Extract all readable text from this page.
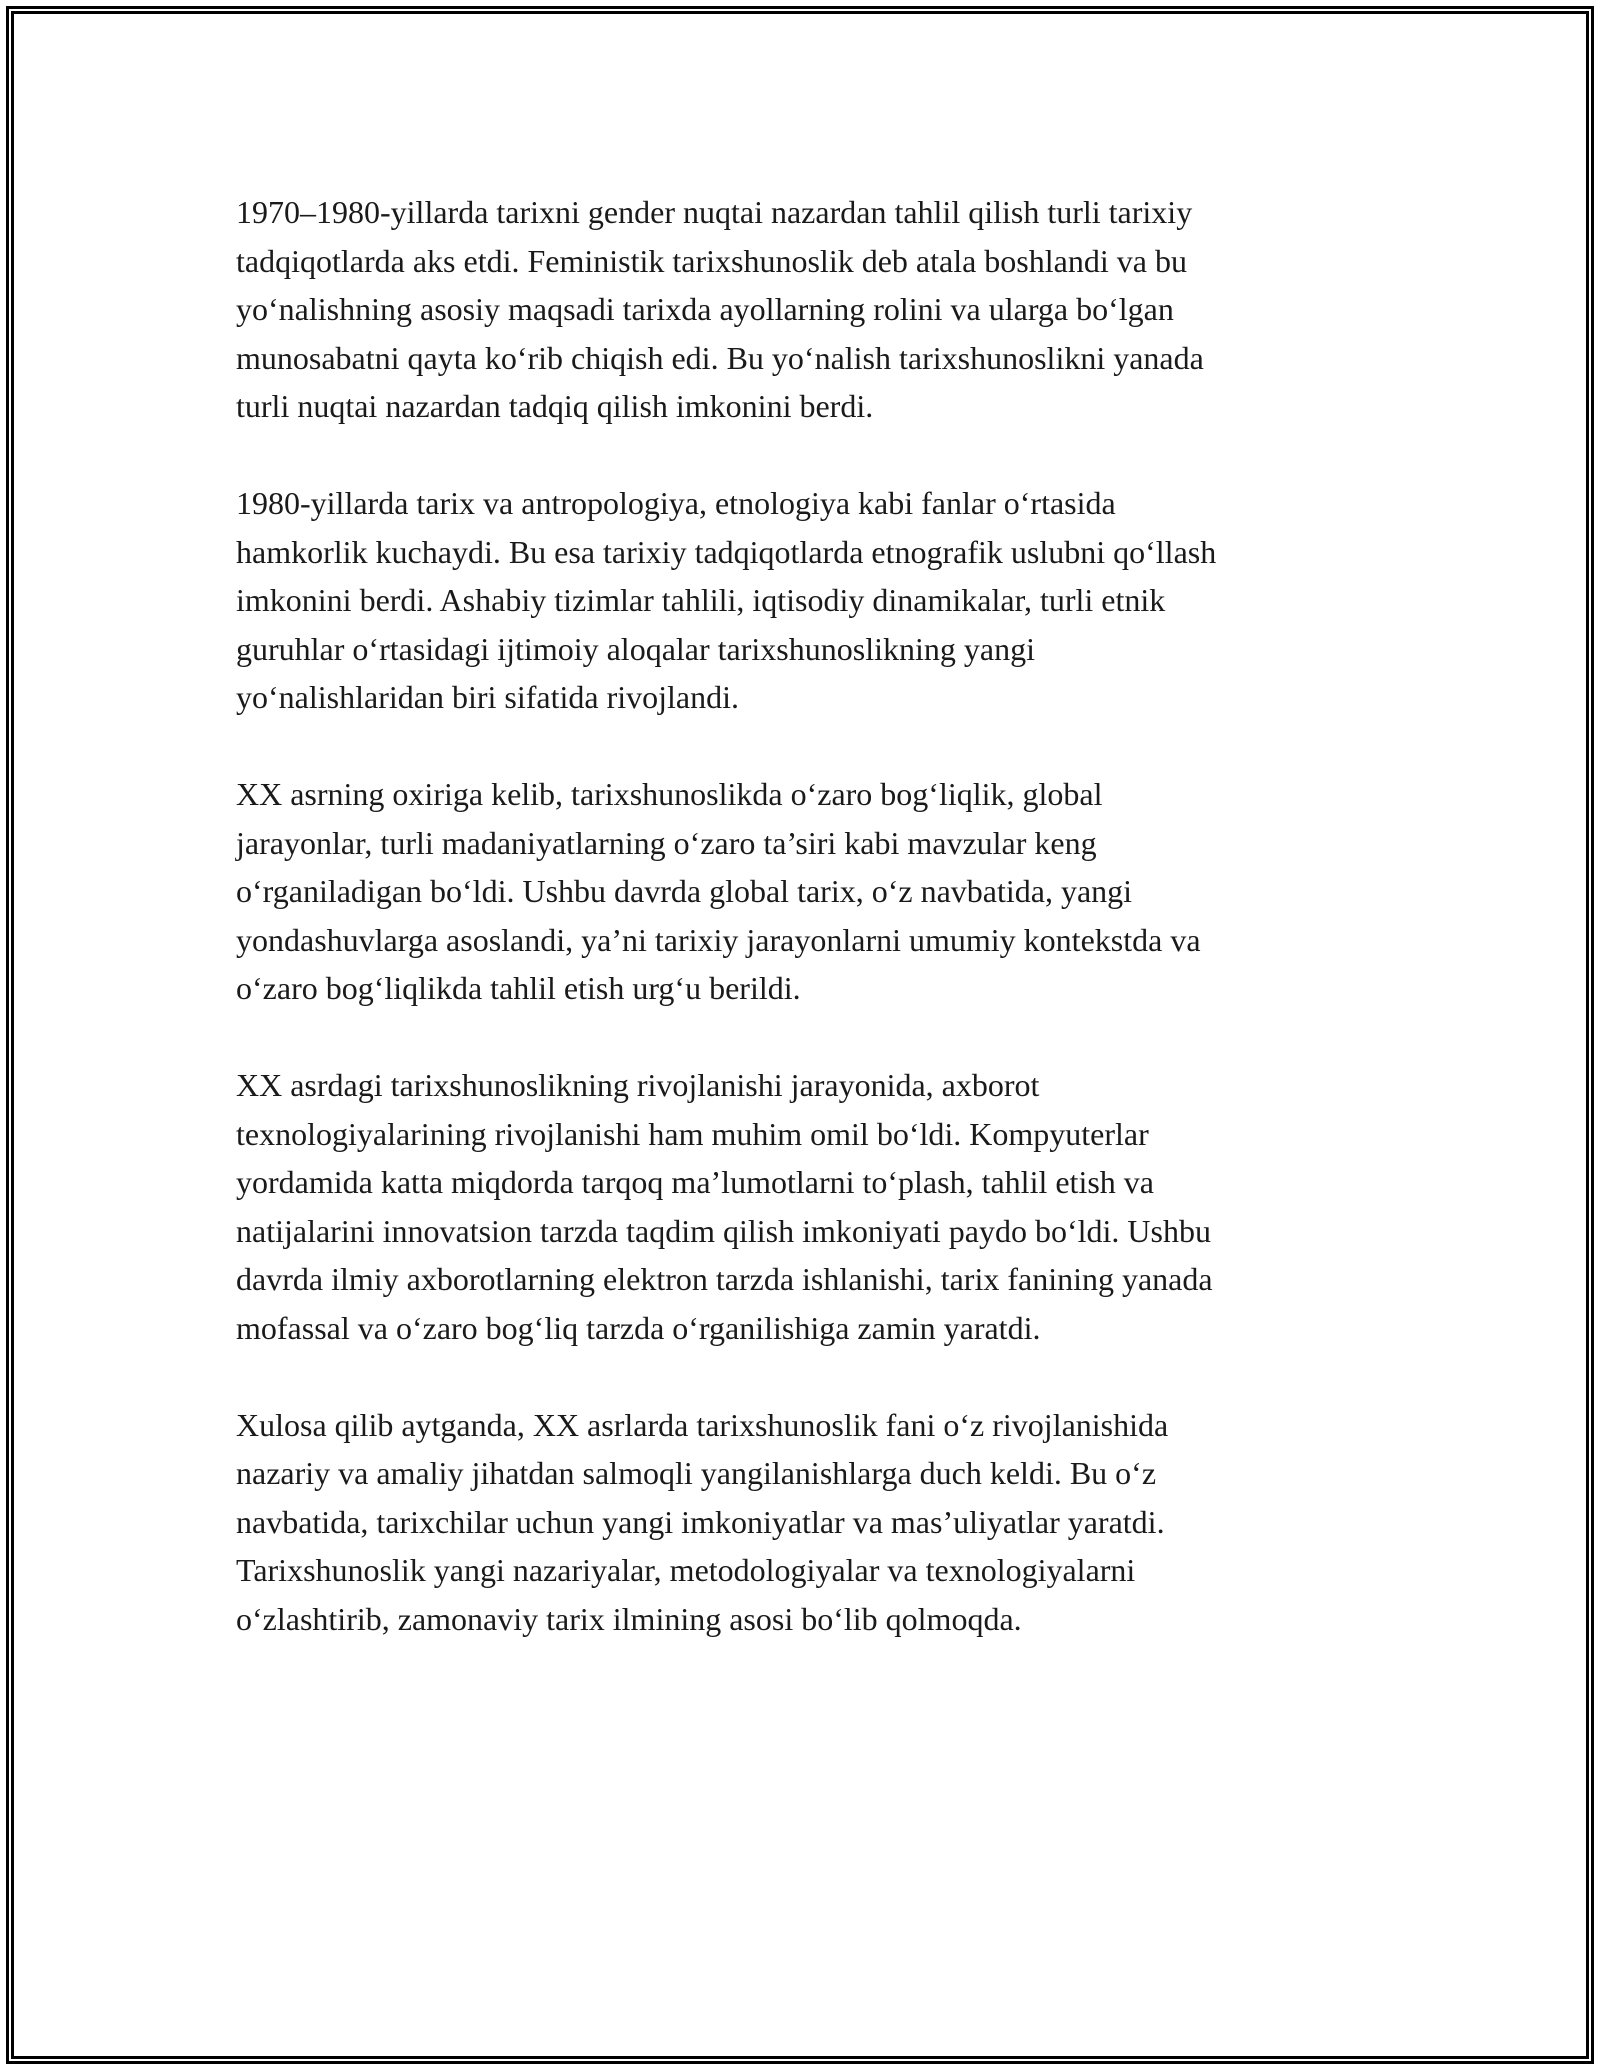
1970–1980-yillarda tarixni gender nuqtai nazardan tahlil qilish turli tarixiy
tadqiqotlarda aks etdi. Feministik tarixshunoslik deb atala boshlandi va bu
yo‘nalishning asosiy maqsadi tarixda ayollarning rolini va ularga bo‘lgan
munosabatni qayta ko‘rib chiqish edi. Bu yo‘nalish tarixshunoslikni yanada
turli nuqtai nazardan tadqiq qilish imkonini berdi.

1980-yillarda tarix va antropologiya, etnologiya kabi fanlar o‘rtasida
hamkorlik kuchaydi. Bu esa tarixiy tadqiqotlarda etnografik uslubni qo‘llash
imkonini berdi. Ashabiy tizimlar tahlili, iqtisodiy dinamikalar, turli etnik
guruhlar o‘rtasidagi ijtimoiy aloqalar tarixshunoslikning yangi
yo‘nalishlaridan biri sifatida rivojlandi.

XX asrning oxiriga kelib, tarixshunoslikda o‘zaro bog‘liqlik, global
jarayonlar, turli madaniyatlarning o‘zaro ta’siri kabi mavzular keng
o‘rganiladigan bo‘ldi. Ushbu davrda global tarix, o‘z navbatida, yangi
yondashuvlarga asoslandi, ya’ni tarixiy jarayonlarni umumiy kontekstda va
o‘zaro bog‘liqlikda tahlil etish urg‘u berildi.

XX asrdagi tarixshunoslikning rivojlanishi jarayonida, axborot
texnologiyalarining rivojlanishi ham muhim omil bo‘ldi. Kompyuterlar
yordamida katta miqdorda tarqoq ma’lumotlarni to‘plash, tahlil etish va
natijalarini innovatsion tarzda taqdim qilish imkoniyati paydo bo‘ldi. Ushbu
davrda ilmiy axborotlarning elektron tarzda ishlanishi, tarix fanining yanada
mofassal va o‘zaro bog‘liq tarzda o‘rganilishiga zamin yaratdi.

Xulosa qilib aytganda, XX asrlarda tarixshunoslik fani o‘z rivojlanishida
nazariy va amaliy jihatdan salmoqli yangilanishlarga duch keldi. Bu o‘z
navbatida, tarixchilar uchun yangi imkoniyatlar va mas’uliyatlar yaratdi.
Tarixshunoslik yangi nazariyalar, metodologiyalar va texnologiyalarni
o‘zlashtirib, zamonaviy tarix ilmining asosi bo‘lib qolmoqda.
